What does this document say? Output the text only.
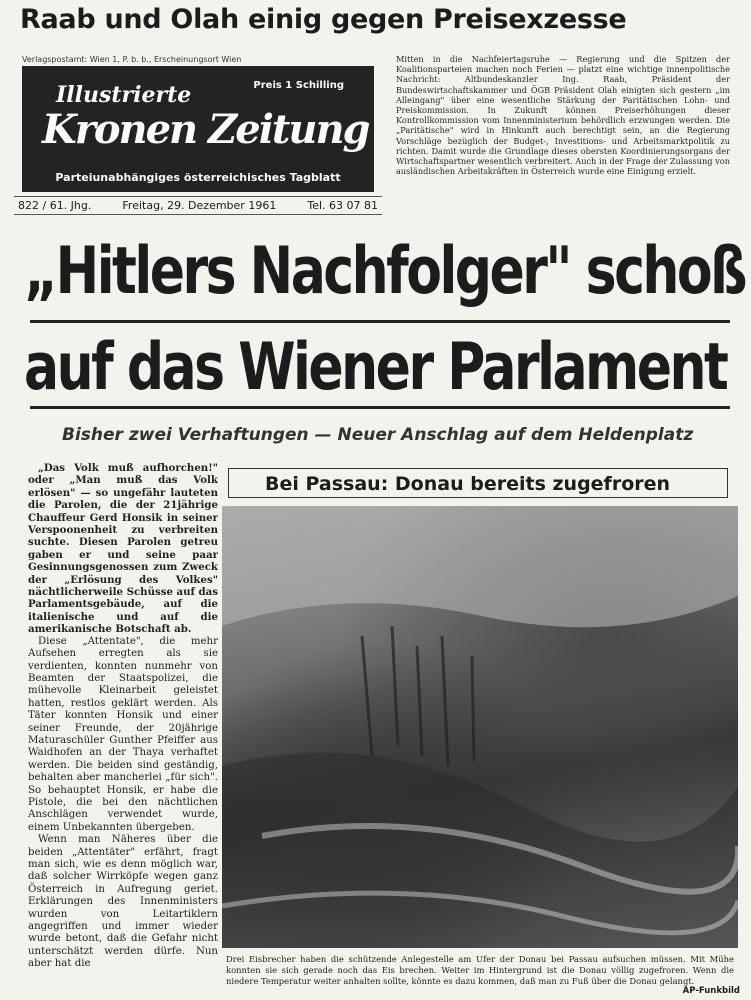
Raab und Olah einig gegen Preisexzesse
Verlagspostamt: Wien 1, P. b. b., Erscheinungsort Wien
Preis 1 Schilling
Illustrierte
Kronen Zeitung
Parteiunabhängiges österreichisches Tagblatt
822 / 61. Jhg.	Freitag, 29. Dezember 1961	Tel. 63 07 81
Mitten in die Nachfeiertagsruhe — Regierung und die Spitzen der Koalitionsparteien machen noch Ferien — platzt eine wichtige innenpolitische Nachricht: Altbundeskanzler Ing. Raab, Präsident der Bundeswirtschaftskammer und ÖGB Präsident Olah einigten sich gestern „im Alleingang" über eine wesentliche Stärkung der Paritätischen Lohn- und Preiskommission. In Zukunft können Preiserhöhungen dieser Kontrollkommission vom Innenministerium behördlich erzwungen werden. Die „Paritätische" wird in Hinkunft auch berechtigt sein, an die Regierung Vorschläge bezüglich der Budget-, Investitions- und Arbeitsmarktpolitik zu richten. Damit wurde die Grundlage dieses obersten Koordinierungsorgans der Wirtschaftspartner wesentlich verbreitert. Auch in der Frage der Zulassung von ausländischen Arbeitskräften in Österreich wurde eine Einigung erzielt.
„Hitlers Nachfolger" schoß
auf das Wiener Parlament
Bisher zwei Verhaftungen — Neuer Anschlag auf dem Heldenplatz

„Das Volk muß aufhorchen!" oder „Man muß das Volk erlösen" — so ungefähr lauteten die Parolen, die der 21jährige Chauffeur Gerd Honsik in seiner Verspoonenheit zu verbreiten suchte. Diesen Parolen getreu gaben er und seine paar Gesinnungsgenossen zum Zweck der „Erlösung des Volkes" nächtlicherweile Schüsse auf das Parlamentsgebäude, auf die italienische und auf die amerikanische Botschaft ab.

Diese „Attentate", die mehr Aufsehen erregten als sie verdienten, konnten nunmehr von Beamten der Staatspolizei, die mühevolle Kleinarbeit geleistet hatten, restlos geklärt werden. Als Täter konnten Honsik und einer seiner Freunde, der 20jährige Maturaschüler Gunther Pfeiffer aus Waidhofen an der Thaya verhaftet werden. Die beiden sind geständig, behalten aber mancherlei „für sich". So behauptet Honsik, er habe die Pistole, die bei den nächtlichen Anschlägen verwendet wurde, einem Unbekannten übergeben.

Wenn man Näheres über die beiden „Attentäter" erfährt, fragt man sich, wie es denn möglich war, daß solcher Wirrköpfe wegen ganz Österreich in Aufregung geriet. Erklärungen des Innenministers wurden von Leitartiklern angegriffen und immer wieder wurde betont, daß die Gefahr nicht unterschätzt werden dürfe. Nun aber hat die

Bei Passau: Donau bereits zugefroren
Drei Eisbrecher haben die schützende Anlegestelle am Ufer der Donau bei Passau aufsuchen müssen. Mit Mühe konnten sie sich gerade noch das Eis brechen. Weiter im Hintergrund ist die Donau völlig zugefroren. Wenn die niedere Temperatur weiter anhalten sollte, könnte es dazu kommen, daß man zu Fuß über die Donau gelangt.
AP-Funkbild
